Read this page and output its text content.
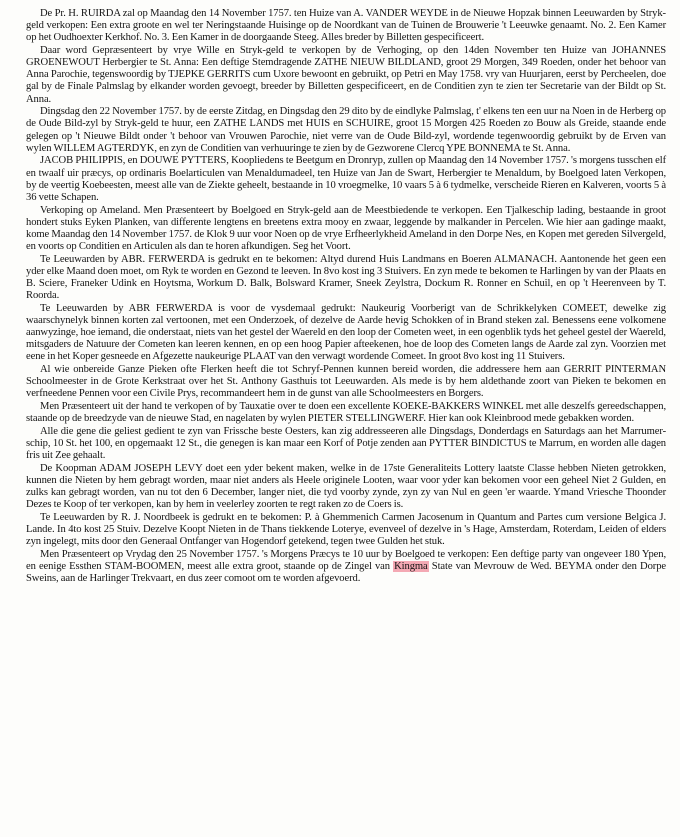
De Pr. H. RUIRDA zal op Maandag den 14 November 1757. ten Huize van A. VANDER WEYDE in de Nieuwe Hopzak binnen Leeuwarden by Stryk-geld verkopen: Een extra groote en wel ter Neringstaande Huisinge op de Noordkant van de Tuinen de Brouwerie 't Leeuwke genaamt. No. 2. Een Kamer op het Oudhoexter Kerkhof. No. 3. Een Kamer in de doorgaande Steeg. Alles breder by Billetten gespecificeert.

Daar word Gepræsenteert by vrye Wille en Stryk-geld te verkopen by de Verhoging, op den 14den November ten Huize van JOHANNES GROENEWOUT Herbergier te St. Anna: Een deftige Stemdragende ZATHE NIEUW BILDLAND, groot 29 Morgen, 349 Roeden, onder het behoor van Anna Parochie, tegenswoordig by TJEPKE GERRITS cum Uxore bewoont en gebruikt, op Petri en May 1758. vry van Huurjaren, eerst by Percheelen, doe gal by de Finale Palmslag by elkander worden gevoegt, breeder by Billetten gespecificeert, en de Conditien zyn te zien ter Secretarie van der Bildt op St. Anna.

Dingsdag den 22 November 1757. by de eerste Zitdag, en Dingsdag den 29 dito by de eindlyke Palmslag, t' elkens ten een uur na Noen in de Herberg op de Oude Bild-zyl by Stryk-geld te huur, een ZATHE LANDS met HUIS en SCHUIRE, groot 15 Morgen 425 Roeden zo Bouw als Greide, staande ende gelegen op 't Nieuwe Bildt onder 't behoor van Vrouwen Parochie, niet verre van de Oude Bild-zyl, wordende tegenwoordig gebruikt by de Erven van wylen WILLEM AGTERDYK, en zyn de Conditien van verhuuringe te zien by de Gezworene Clercq YPE BONNEMA te St. Anna.

JACOB PHILIPPIS, en DOUWE PYTTERS, Koopliedens te Beetgum en Dronryp, zullen op Maandag den 14 November 1757. 's morgens tusschen elf en twaalf uir præcys, op ordinaris Boelarticulen van Menaldumadeel, ten Huize van Jan de Swart, Herbergier te Menaldum, by Boelgoed laten Verkopen, by de veertig Koebeesten, meest alle van de Ziekte geheelt, bestaande in 10 vroegmelke, 10 vaars 5 à 6 tydmelke, verscheide Rieren en Kalveren, voorts 5 à 36 vette Schapen.

Verkoping op Ameland. Men Præsenteert by Boelgoed en Stryk-geld aan de Meestbiedende te verkopen. Een Tjalkeschip lading, bestaande in groot hondert stuks Eyken Planken, van differente lengtens en breetens extra mooy en zwaar, leggende by malkander in Percelen. Wie hier aan gadinge maakt, kome Maandag den 14 November 1757. de Klok 9 uur voor Noen op de vrye Erfheerlykheid Ameland in den Dorpe Nes, en Kopen met gereden Silvergeld, en voorts op Conditien en Articulen als dan te horen afkundigen. Seg het Voort.

Te Leeuwarden by ABR. FERWERDA is gedrukt en te bekomen: Altyd durend Huis Landmans en Boeren ALMANACH. Aantonende het geen een yder elke Maand doen moet, om Ryk te worden en Gezond te leeven. In 8vo kost ing 3 Stuivers. En zyn mede te bekomen te Harlingen by van der Plaats en B. Sciere, Franeker Udink en Hoytsma, Workum D. Balk, Bolsward Kramer, Sneek Zeylstra, Dockum R. Ronner en Schuil, en op 't Heerenveen by T. Roorda.

Te Leeuwarden by ABR FERWERDA is voor de vysdemaal gedrukt: Naukeurig Voorberigt van de Schrikkelyken COMEET, dewelke zig waarschynelyk binnen korten zal vertoonen, met een Onderzoek, of dezelve de Aarde hevig Schokken of in Brand steken zal. Benessens eene volkomene aanwyzinge, hoe iemand, die onderstaat, niets van het gestel der Waereld en den loop der Cometen weet, in een ogenblik tyds het geheel gestel der Waereld, mitsgaders de Natuure der Cometen kan leeren kennen, en op een hoog Papier afteekenen, hoe de loop des Cometen langs de Aarde zal zyn. Voorzien met eene in het Koper gesneede en Afgezette naukeurige PLAAT van den verwagt wordende Comeet. In groot 8vo kost ing 11 Stuivers.

Al wie onbereide Ganze Pieken ofte Flerken heeft die tot Schryf-Pennen kunnen bereid worden, die addressere hem aan GERRIT PINTERMAN Schoolmeester in de Grote Kerkstraat over het St. Anthony Gasthuis tot Leeuwarden. Als mede is by hem aldethande zoort van Pieken te bekomen en verfneedene Pennen voor een Civile Prys, recommandeert hem in de gunst van alle Schoolmeesters en Borgers.

Men Præsenteert uit der hand te verkopen of by Tauxatie over te doen een excellente KOEKE-BAKKERS WINKEL met alle deszelfs gereedschappen, staande op de breedzyde van de nieuwe Stad, en nagelaten by wylen PIETER STELLINGWERF. Hier kan ook Kleinbrood mede gebakken worden.

Alle die gene die geliest gedient te zyn van Frissche beste Oesters, kan zig addresseeren alle Dingsdags, Donderdags en Saturdags aan het Marrumer-schip, 10 St. het 100, en opgemaakt 12 St., die genegen is kan maar een Korf of Potje zenden aan PYTTER BINDICTUS te Marrum, en worden alle dagen fris uit Zee gehaalt.

De Koopman ADAM JOSEPH LEVY doet een yder bekent maken, welke in de 17ste Generaliteits Lottery laatste Classe hebben Nieten getrokken, kunnen die Nieten by hem gebragt worden, maar niet anders als Heele originele Looten, waar voor yder kan bekomen voor een geheel Niet 2 Gulden, en zulks kan gebragt worden, van nu tot den 6 December, langer niet, die tyd voorby zynde, zyn zy van Nul en geen 'er waarde. Ymand Vriesche Thoonder Dezes te Koop of ter verkopen, kan by hem in veelerley zoorten te regt raken zo de Coers is.

Te Leeuwarden by R. J. Noordbeek is gedrukt en te bekomen: P. à Ghemmenich Carmen Jacosenum in Quantum and Partes cum versione Belgica J. Lande. In 4to kost 25 Stuiv. Dezelve Koopt Nieten in de Thans tiekkende Loterye, evenveel of dezelve in 's Hage, Amsterdam, Roterdam, Leiden of elders zyn ingelegt, mits door den Generaal Ontfanger van Hogendorf getekend, tegen twee Gulden het stuk.

Men Præsenteert op Vrydag den 25 November 1757. 's Morgens Præcys te 10 uur by Boelgoed te verkopen: Een deftige party van ongeveer 180 Ypen, en eenige Essthen STAM-BOOMEN, meest alle extra groot, staande op de Zingel van Kingma State van Mevrouw de Wed. BEYMA onder den Dorpe Sweins, aan de Harlinger Trekvaart, en dus zeer comoot om te worden afgevoerd.
